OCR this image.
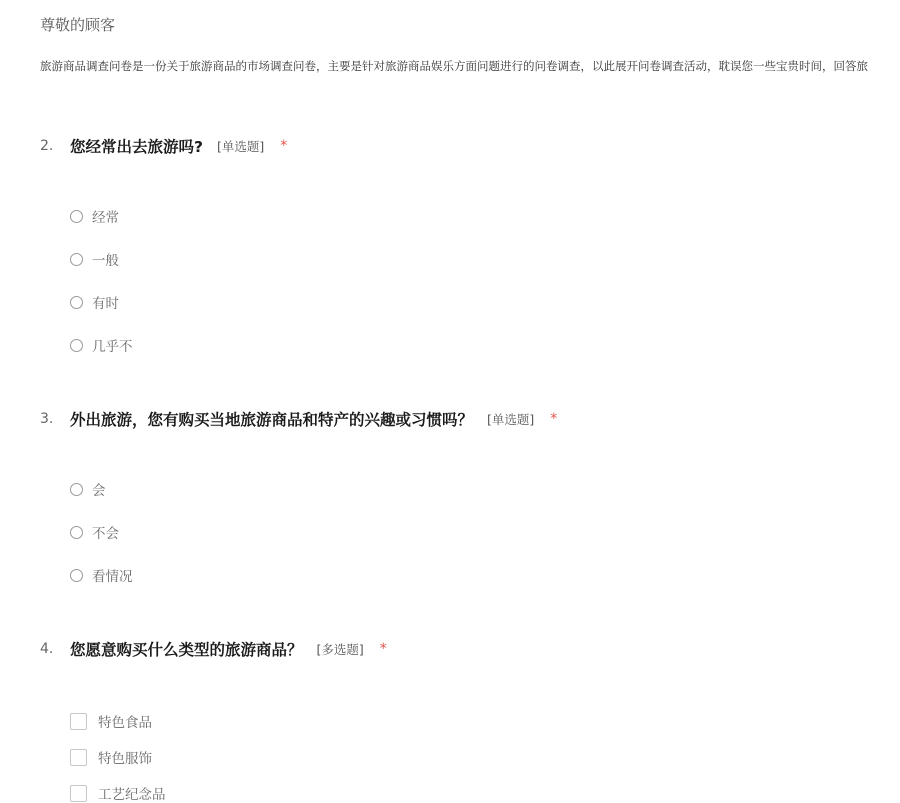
尊敬的顾客
旅游商品调查问卷是一份关于旅游商品的市场调查问卷，主要是针对旅游商品娱乐方面问题进行的问卷调查，以此展开问卷调查活动，耽误您一些宝贵时间，回答旅
2.	您经常出去旅游吗? [单选题] *
经常
一般
有时
几乎不
3.	外出旅游，您有购买当地旅游商品和特产的兴趣或习惯吗？ [单选题] *
会
不会
看情况
4.	您愿意购买什么类型的旅游商品？ [多选题] *
特色食品
特色服饰
工艺纪念品
